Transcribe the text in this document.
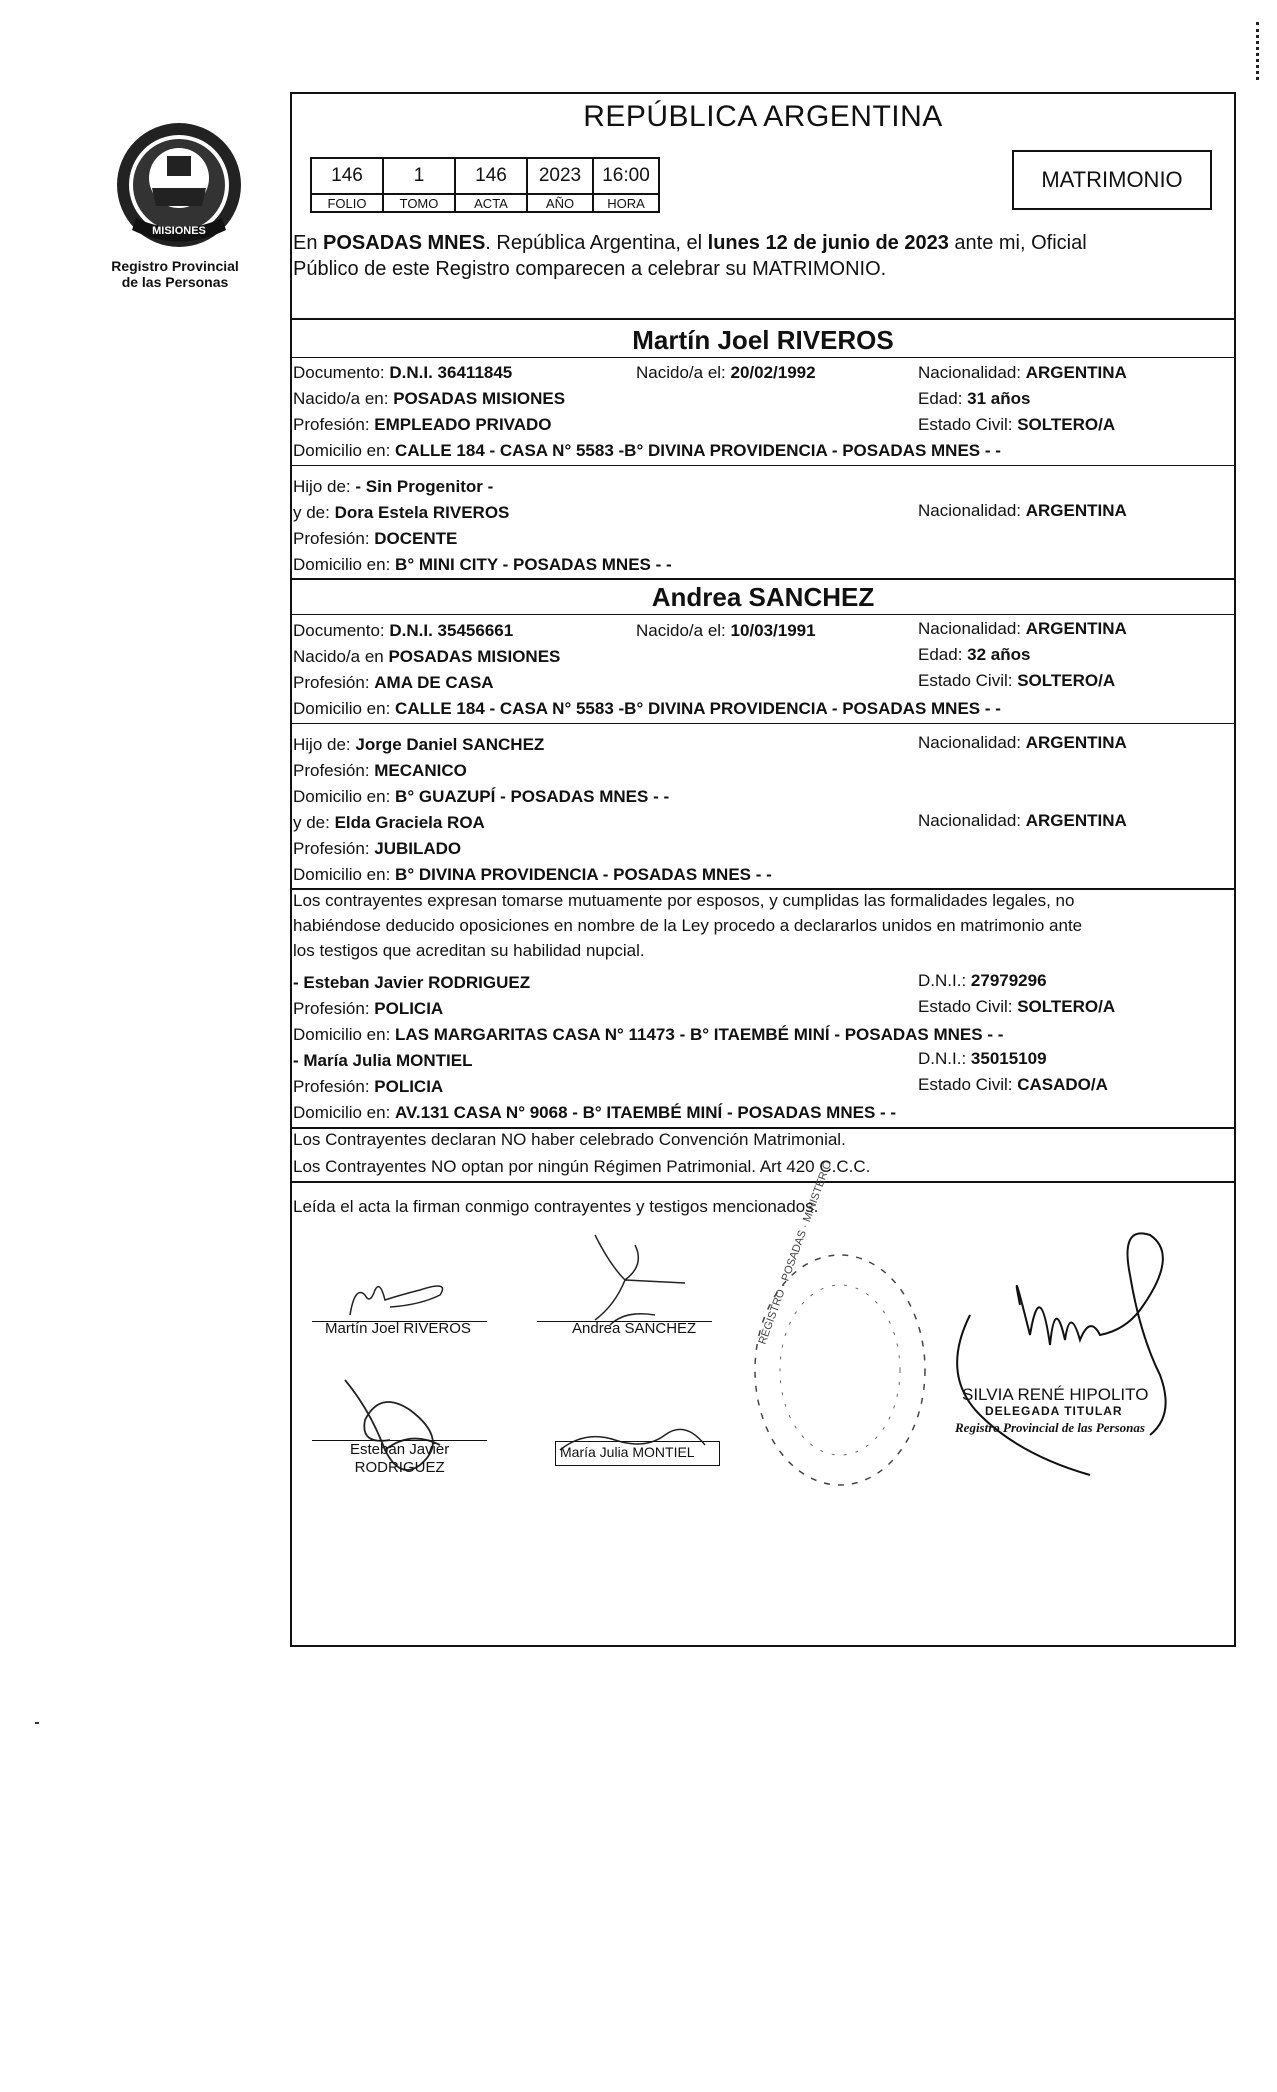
MISIONES
Registro Provincial
de las Personas
REPÚBLICA ARGENTINA
146	1	146	2023	16:00
FOLIO	TOMO	ACTA	AÑO	HORA
MATRIMONIO
En POSADAS MNES. República Argentina, el lunes 12 de junio de 2023 ante mi, Oficial
Público de este Registro comparecen a celebrar su MATRIMONIO.
Martín Joel RIVEROS
Documento: D.N.I. 36411845	Nacido/a el: 20/02/1992	Nacionalidad: ARGENTINA
Nacido/a en: POSADAS MISIONES	Edad: 31 años
Profesión: EMPLEADO PRIVADO	Estado Civil: SOLTERO/A
Domicilio en: CALLE 184 - CASA N° 5583 -B° DIVINA PROVIDENCIA - POSADAS MNES - -
Hijo de: - Sin Progenitor -
y de: Dora Estela RIVEROS	Nacionalidad: ARGENTINA
Profesión: DOCENTE
Domicilio en: B° MINI CITY - POSADAS MNES - -
Andrea SANCHEZ
Documento: D.N.I. 35456661	Nacido/a el: 10/03/1991	Nacionalidad: ARGENTINA
Nacido/a en POSADAS MISIONES	Edad: 32 años
Profesión: AMA DE CASA	Estado Civil: SOLTERO/A
Domicilio en: CALLE 184 - CASA N° 5583 -B° DIVINA PROVIDENCIA - POSADAS MNES - -
Hijo de: Jorge Daniel SANCHEZ	Nacionalidad: ARGENTINA
Profesión: MECANICO
Domicilio en: B° GUAZUPÍ - POSADAS MNES - -
y de: Elda Graciela ROA	Nacionalidad: ARGENTINA
Profesión: JUBILADO
Domicilio en: B° DIVINA PROVIDENCIA - POSADAS MNES - -
Los contrayentes expresan tomarse mutuamente por esposos, y cumplidas las formalidades legales, no
habiéndose deducido oposiciones en nombre de la Ley procedo a declararlos unidos en matrimonio ante
los testigos que acreditan su habilidad nupcial.
- Esteban Javier RODRIGUEZ	D.N.I.: 27979296
Profesión: POLICIA	Estado Civil: SOLTERO/A
Domicilio en: LAS MARGARITAS CASA N° 11473 - B° ITAEMBÉ MINÍ - POSADAS MNES - -
- María Julia MONTIEL	D.N.I.: 35015109
Profesión: POLICIA	Estado Civil: CASADO/A
Domicilio en: AV.131 CASA N° 9068 - B° ITAEMBÉ MINÍ - POSADAS MNES - -
Los Contrayentes declaran NO haber celebrado Convención Matrimonial.
Los Contrayentes NO optan por ningún Régimen Patrimonial. Art 420 C.C.C.
Leída el acta la firman conmigo contrayentes y testigos mencionados.
Martín Joel RIVEROS	Andrea SANCHEZ
Esteban Javier
RODRIGUEZ
María Julia MONTIEL
REGISTRO · POSADAS · MINISTERIO
SILVIA RENÉ HIPOLITO
DELEGADA TITULAR
Registro Provincial de las Personas
